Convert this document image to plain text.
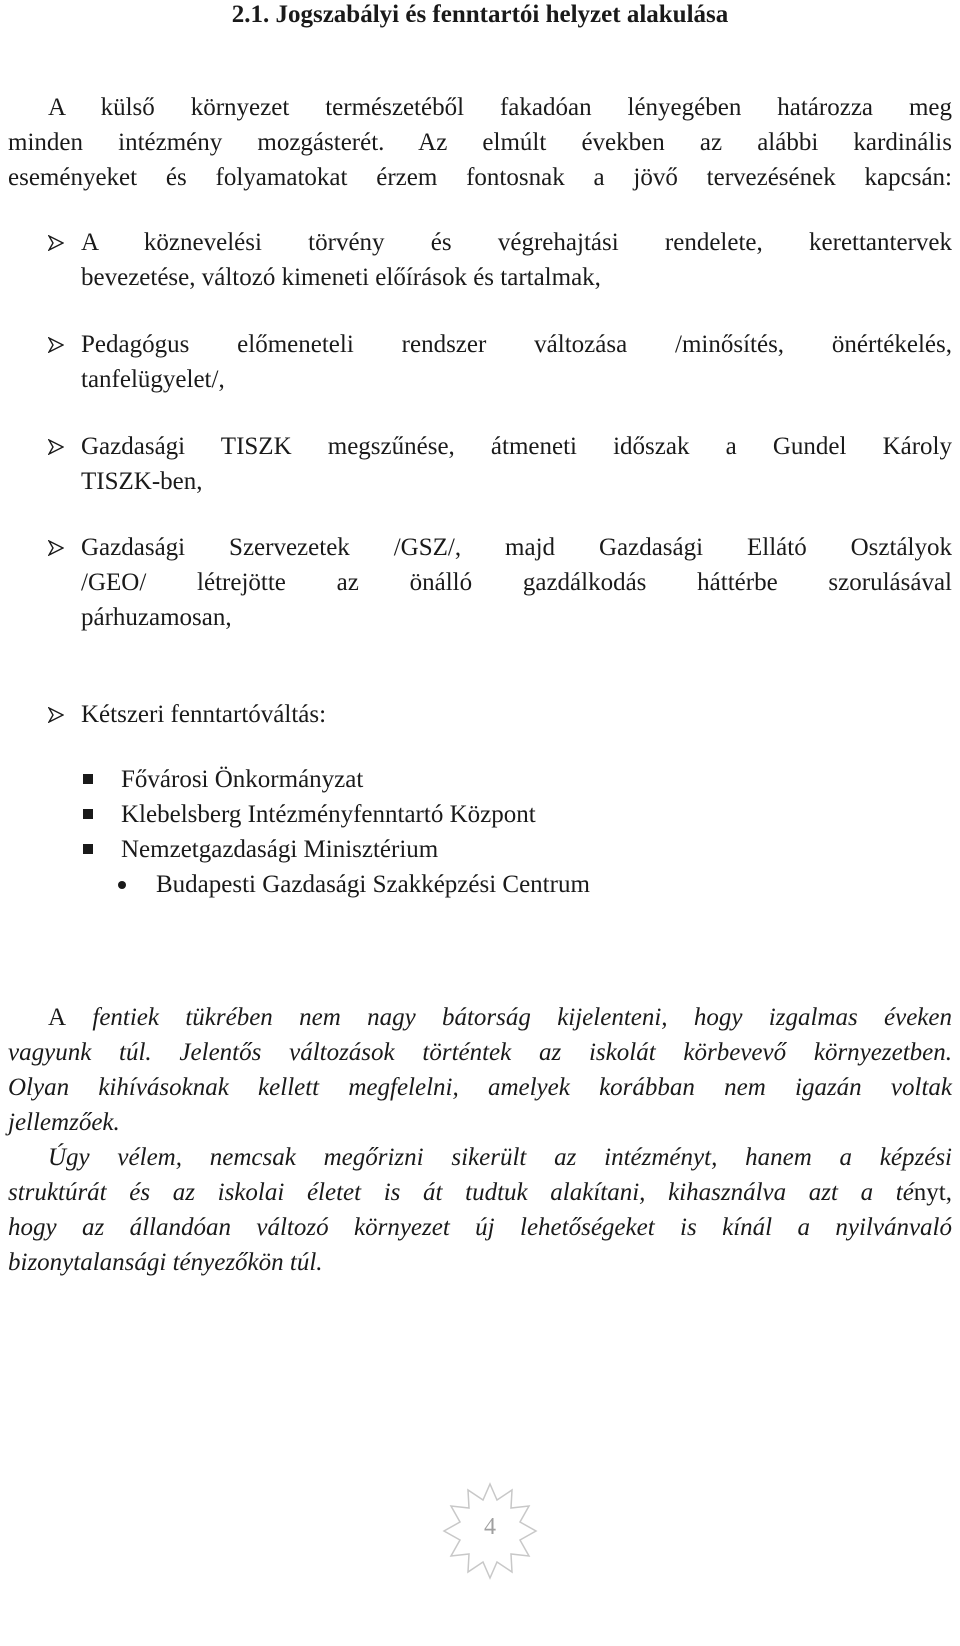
2.1. Jogszabályi és fenntartói helyzet alakulása
A külső környezet természetéből fakadóan lényegében határozza meg
minden intézmény mozgásterét. Az elmúlt években az alábbi kardinális
eseményeket és folyamatokat érzem fontosnak a jövő tervezésének kapcsán:
A köznevelési törvény és végrehajtási rendelete, kerettantervek
bevezetése, változó kimeneti előírások és tartalmak,
Pedagógus előmeneteli rendszer változása /minősítés, önértékelés,
tanfelügyelet/,
Gazdasági TISZK megszűnése, átmeneti időszak a Gundel Károly
TISZK-ben,
Gazdasági Szervezetek /GSZ/, majd Gazdasági Ellátó Osztályok
/GEO/ létrejötte az önálló gazdálkodás háttérbe szorulásával
párhuzamosan,
Kétszeri fenntartóváltás:
Fővárosi Önkormányzat
Klebelsberg Intézményfenntartó Központ
Nemzetgazdasági Minisztérium
Budapesti Gazdasági Szakképzési Centrum
A fentiek tükrében nem nagy bátorság kijelenteni, hogy izgalmas éveken
vagyunk túl. Jelentős változások történtek az iskolát körbevevő környezetben.
Olyan kihívásoknak kellett megfelelni, amelyek korábban nem igazán voltak
jellemzőek.
Úgy vélem, nemcsak megőrizni sikerült az intézményt, hanem a képzési
struktúrát és az iskolai életet is át tudtuk alakítani, kihasználva azt a tényt,
hogy az állandóan változó környezet új lehetőségeket is kínál a nyilvánvaló
bizonytalansági tényezőkön túl.
4
